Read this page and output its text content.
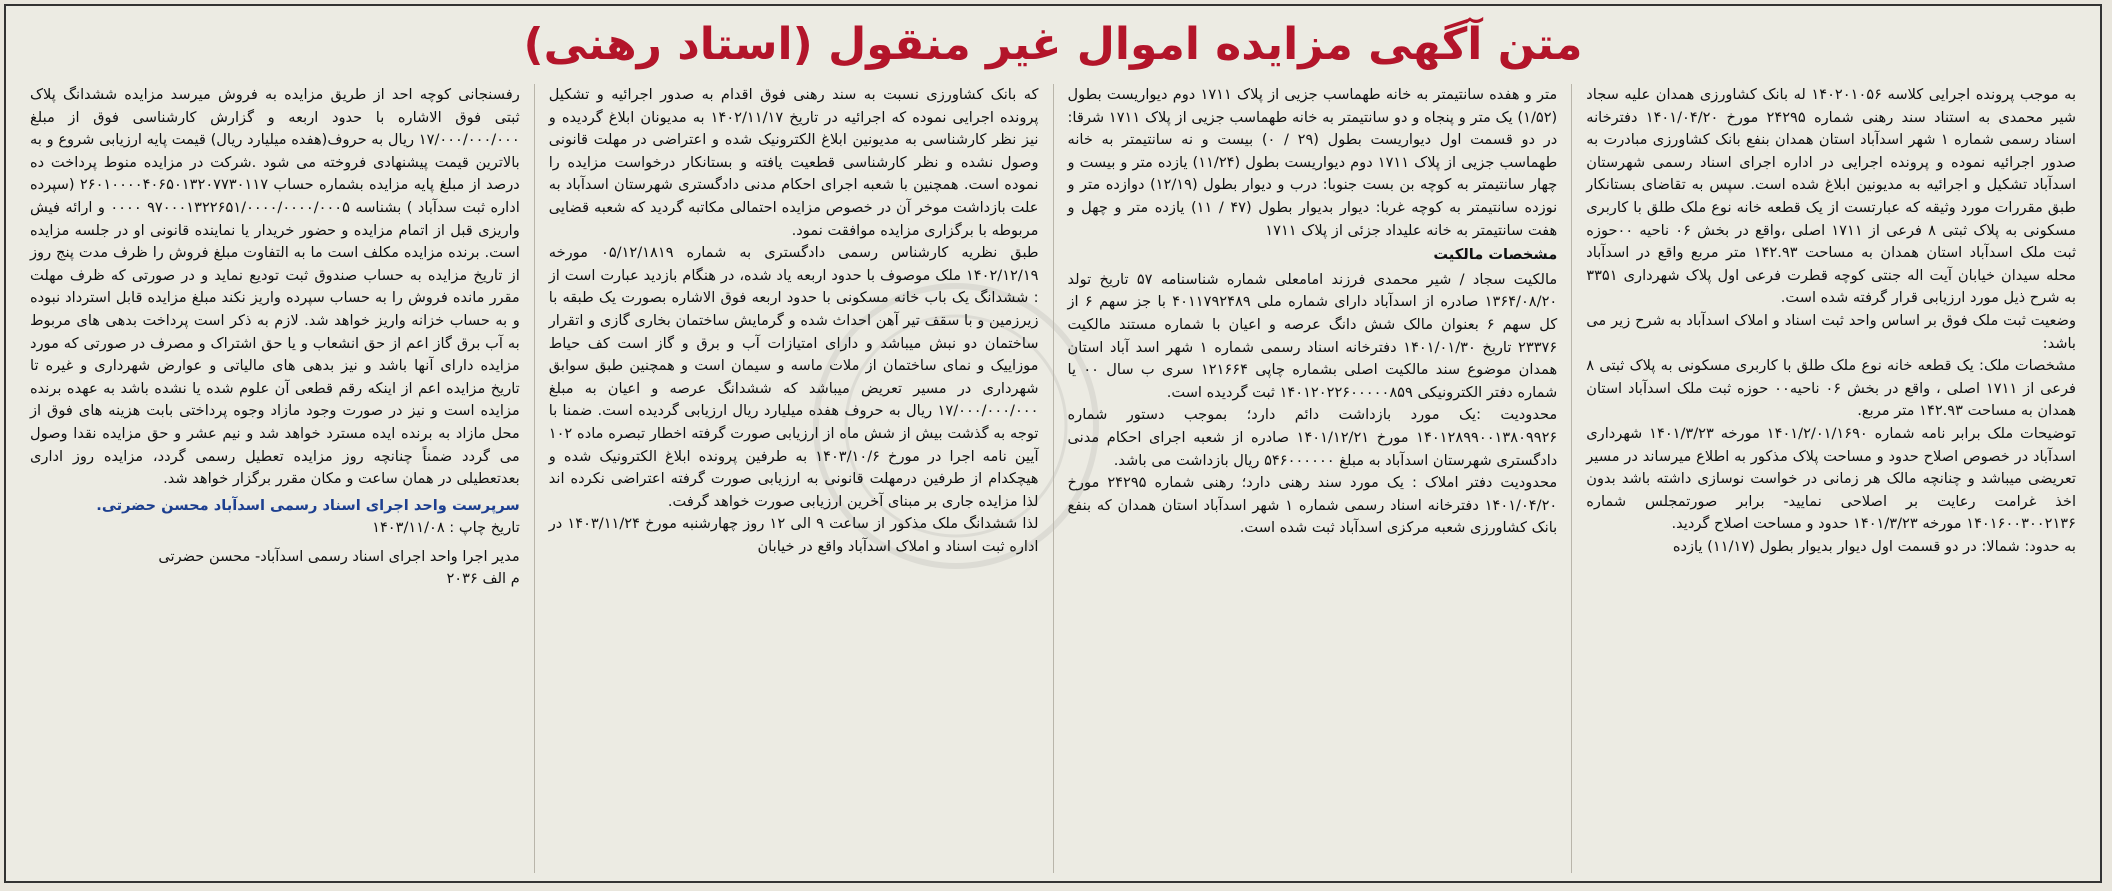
متن آگهی مزایده اموال غیر منقول (استاد رهنی)

به موجب پرونده اجرایی کلاسه ۱۴۰۲۰۱۰۵۶ له بانک کشاورزی همدان علیه سجاد شیر محمدی به استناد سند رهنی شماره ۲۴۲۹۵ مورخ ۱۴۰۱/۰۴/۲۰ دفترخانه اسناد رسمی شماره ۱ شهر اسدآباد استان همدان بنفع بانک کشاورزی مبادرت به صدور اجرائیه نموده و پرونده اجرایی در اداره اجرای اسناد رسمی شهرستان اسدآباد تشکیل و اجرائیه به مدیونین ابلاغ شده است. سپس به تقاضای بستانکار طبق مقررات مورد وثیقه که عبارتست از یک قطعه خانه نوع ملک طلق با کاربری مسکونی به پلاک ثبتی ۸ فرعی از ۱۷۱۱ اصلی ،واقع در بخش ۰۶ ناحیه ۰۰حوزه ثبت ملک اسدآباد استان همدان به مساحت ۱۴۲.۹۳ متر مربع واقع در اسدآباد محله سیدان خیابان آیت اله جنتی کوچه قطرت فرعی اول پلاک شهرداری ۳۳۵۱ به شرح ذیل مورد ارزیابی قرار گرفته شده است.

وضعیت ثبت ملک فوق بر اساس واحد ثبت اسناد و املاک اسدآباد به شرح زیر می باشد:

مشخصات ملک: یک قطعه خانه نوع ملک طلق با کاربری مسکونی به پلاک ثبتی ۸ فرعی از ۱۷۱۱ اصلی ، واقع در بخش ۰۶ ناحیه۰۰ حوزه ثبت ملک اسدآباد استان همدان به مساحت ۱۴۲.۹۳ متر مربع.

توضیحات ملک برابر نامه شماره ۱۴۰۱/۲/۰۱/۱۶۹۰ مورخه ۱۴۰۱/۳/۲۳ شهرداری اسدآباد در خصوص اصلاح حدود و مساحت پلاک مذکور به اطلاع میرساند در مسیر تعریضی میباشد و چنانچه مالک هر زمانی در خواست نوسازی داشته باشد بدون اخذ غرامت رعایت بر اصلاحی نمایید- برابر صورتمجلس شماره ۱۴۰۱۶۰۰۳۰۰۲۱۳۶ مورخه ۱۴۰۱/۳/۲۳ حدود و مساحت اصلاح گردید.

به حدود: شمالا: در دو قسمت اول دیوار بدیوار بطول (۱۱/۱۷) یازده

متر و هفده سانتیمتر به خانه طهماسب جزیی از پلاک ۱۷۱۱ دوم دیواریست بطول (۱/۵۲) یک متر و پنجاه و دو سانتیمتر به خانه طهماسب جزیی از پلاک ۱۷۱۱ شرقا: در دو قسمت اول دیواریست بطول (۲۹ / ۰) بیست و نه سانتیمتر به خانه طهماسب جزیی از پلاک ۱۷۱۱ دوم دیواریست بطول (۱۱/۲۴) یازده متر و بیست و چهار سانتیمتر به کوچه بن بست جنوبا: درب و دیوار بطول (۱۲/۱۹) دوازده متر و نوزده سانتیمتر به کوچه غربا: دیوار بدیوار بطول (۴۷ / ۱۱) یازده متر و چهل و هفت سانتیمتر به خانه علیداد جزئی از پلاک ۱۷۱۱

مشخصات مالکیت

مالکیت سجاد / شیر محمدی فرزند امامعلی شماره شناسنامه ۵۷ تاریخ تولد ۱۳۶۴/۰۸/۲۰ صادره از اسدآباد دارای شماره ملی ۴۰۱۱۷۹۲۴۸۹ با جز سهم ۶ از کل سهم ۶ بعنوان مالک شش دانگ عرصه و اعیان با شماره مستند مالکیت ۲۳۳۷۶ تاریخ ۱۴۰۱/۰۱/۳۰ دفترخانه اسناد رسمی شماره ۱ شهر اسد آباد استان همدان موضوع سند مالکیت اصلی بشماره چاپی ۱۲۱۶۶۴ سری ب سال ۰۰ یا شماره دفتر الکترونیکی ۱۴۰۱۲۰۲۲۶۰۰۰۰۰۸۵۹ ثبت گردیده است.

محدودیت :یک مورد بازداشت دائم دارد؛ بموجب دستور شماره ۱۴۰۱۲۸۹۹۰۰۱۳۸۰۹۹۲۶ مورخ ۱۴۰۱/۱۲/۲۱ صادره از شعبه اجرای احکام مدنی دادگستری شهرستان اسدآباد به مبلغ ۵۴۶۰۰۰۰۰۰ ریال بازداشت می باشد.

محدودیت دفتر املاک : یک مورد سند رهنی دارد؛ رهنی شماره ۲۴۲۹۵ مورخ ۱۴۰۱/۰۴/۲۰ دفترخانه اسناد رسمی شماره ۱ شهر اسدآباد استان همدان که بنفع بانک کشاورزی شعبه مرکزی اسدآباد ثبت شده است.

که بانک کشاورزی نسبت به سند رهنی فوق اقدام به صدور اجرائیه و تشکیل پرونده اجرایی نموده که اجرائیه در تاریخ ۱۴۰۲/۱۱/۱۷ به مدیونان ابلاغ گردیده و نیز نظر کارشناسی به مدیونین ابلاغ الکترونیک شده و اعتراضی در مهلت قانونی وصول نشده و نظر کارشناسی قطعیت یافته و بستانکار درخواست مزایده را نموده است. همچنین با شعبه اجرای احکام مدنی دادگستری شهرستان اسدآباد به علت بازداشت موخر آن در خصوص مزایده احتمالی مکاتبه گردید که شعبه قضایی مربوطه با برگزاری مزایده موافقت نمود.

طبق نظریه کارشناس رسمی دادگستری به شماره ۰۵/۱۲/۱۸۱۹ مورخه ۱۴۰۲/۱۲/۱۹ ملک موصوف با حدود اربعه یاد شده، در هنگام بازدید عبارت است از : ششدانگ یک باب خانه مسکونی با حدود اربعه فوق الاشاره بصورت یک طبقه با زیرزمین و با سقف تیر آهن احداث شده و گرمایش ساختمان بخاری گازی و اتقرار ساختمان دو نبش میباشد و دارای امتیازات آب و برق و گاز است کف حیاط موزاییک و نمای ساختمان از ملات ماسه و سیمان است و همچنین طبق سوابق شهرداری در مسیر تعریض میباشد که ششدانگ عرصه و اعیان به مبلغ ۱۷/۰۰۰/۰۰۰/۰۰۰ ریال به حروف هفده میلیارد ریال ارزیابی گردیده است. ضمنا با توجه به گذشت بیش از شش ماه از ارزیابی صورت گرفته اخطار تبصره ماده ۱۰۲ آیین نامه اجرا در مورخ ۱۴۰۳/۱۰/۶ به طرفین پرونده ابلاغ الکترونیک شده و هیچکدام از طرفین درمهلت قانونی به ارزیابی صورت گرفته اعتراضی نکرده اند لذا مزایده جاری بر مبنای آخرین ارزیابی صورت خواهد گرفت.

لذا ششدانگ ملک مذکور از ساعت ۹ الی ۱۲ روز چهارشنبه مورخ ۱۴۰۳/۱۱/۲۴ در اداره ثبت اسناد و املاک اسدآباد واقع در خیابان

رفسنجانی کوچه احد از طریق مزایده به فروش میرسد مزایده ششدانگ پلاک ثبتی فوق الاشاره با حدود اربعه و گزارش کارشناسی فوق از مبلغ ۱۷/۰۰۰/۰۰۰/۰۰۰ ریال به حروف(هفده میلیارد ریال) قیمت پایه ارزیابی شروع و به بالاترین قیمت پیشنهادی فروخته می شود .شرکت در مزایده منوط پرداخت ده درصد از مبلغ پایه مزایده بشماره حساب ۲۶۰۱۰۰۰۰۴۰۶۵۰۱۳۲۰۷۷۳۰۱۱۷ (سپرده اداره ثبت سدآباد ) بشناسه ۹۷۰۰۰۱۳۲۲۶۵۱/۰۰۰۰/۰۰۰۰/۰۰۰۵ ۰۰۰۰ و ارائه فیش واریزی قبل از اتمام مزایده و حضور خریدار یا نماینده قانونی او در جلسه مزایده است. برنده مزایده مکلف است ما به التفاوت مبلغ فروش را ظرف مدت پنج روز از تاریخ مزایده به حساب صندوق ثبت تودیع نماید و در صورتی که ظرف مهلت مقرر مانده فروش را به حساب سپرده واریز نکند مبلغ مزایده قابل استرداد نبوده و به حساب خزانه واریز خواهد شد. لازم به ذکر است پرداخت بدهی های مربوط به آب برق گاز اعم از حق انشعاب و یا حق اشتراک و مصرف در صورتی که مورد مزایده دارای آنها باشد و نیز بدهی های مالیاتی و عوارض شهرداری و غیره تا تاریخ مزایده اعم از اینکه رقم قطعی آن علوم شده یا نشده باشد به عهده برنده مزایده است و نیز در صورت وجود مازاد وجوه پرداختی بابت هزینه های فوق از محل مازاد به برنده ایده مسترد خواهد شد و نیم عشر و حق مزایده نقدا وصول می گردد ضمناً چنانچه روز مزایده تعطیل رسمی گردد، مزایده روز اداری بعدتعطیلی در همان ساعت و مکان مقرر برگزار خواهد شد.

سرپرست واحد اجرای اسناد رسمی اسدآباد محسن حضرتی.

تاریخ چاپ : ۱۴۰۳/۱۱/۰۸

مدیر اجرا واحد اجرای اسناد رسمی اسدآباد- محسن حضرتی

م الف ۲۰۳۶
